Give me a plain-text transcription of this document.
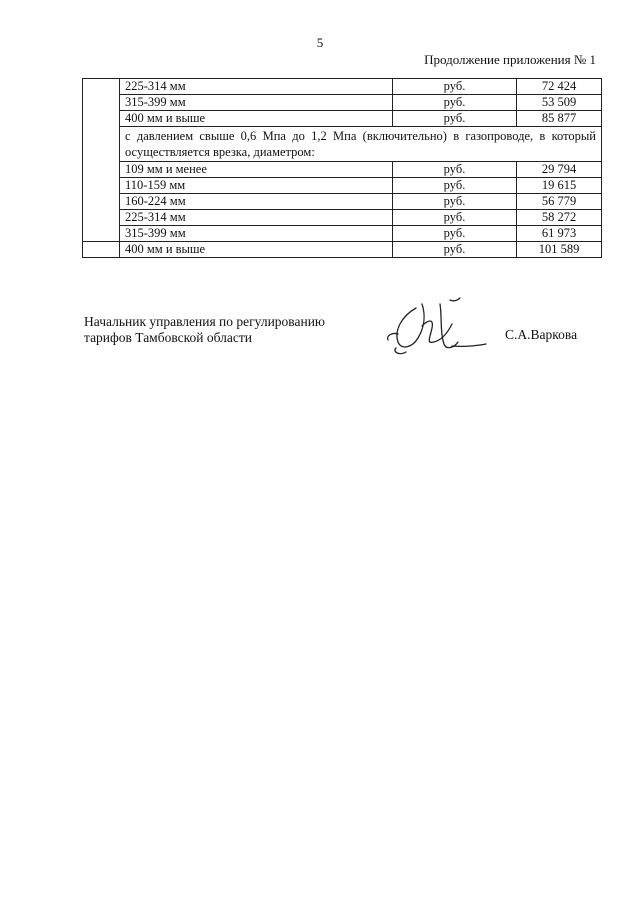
5
Продолжение приложения № 1
	225-314 мм	руб.	72 424
	315-399 мм	руб.	53 509
	400 мм и выше	руб.	85 877
	с давлением свыше 0,6 Мпа до 1,2 Мпа (включительно) в газопроводе, в который осуществляется врезка, диаметром:		
	109 мм и менее	руб.	29 794
	110-159 мм	руб.	19 615
	160-224 мм	руб.	56 779
	225-314 мм	руб.	58 272
	315-399 мм	руб.	61 973
	400 мм и выше	руб.	101 589
Начальник управления по регулированию
тарифов Тамбовской области	С.А.Варкова
